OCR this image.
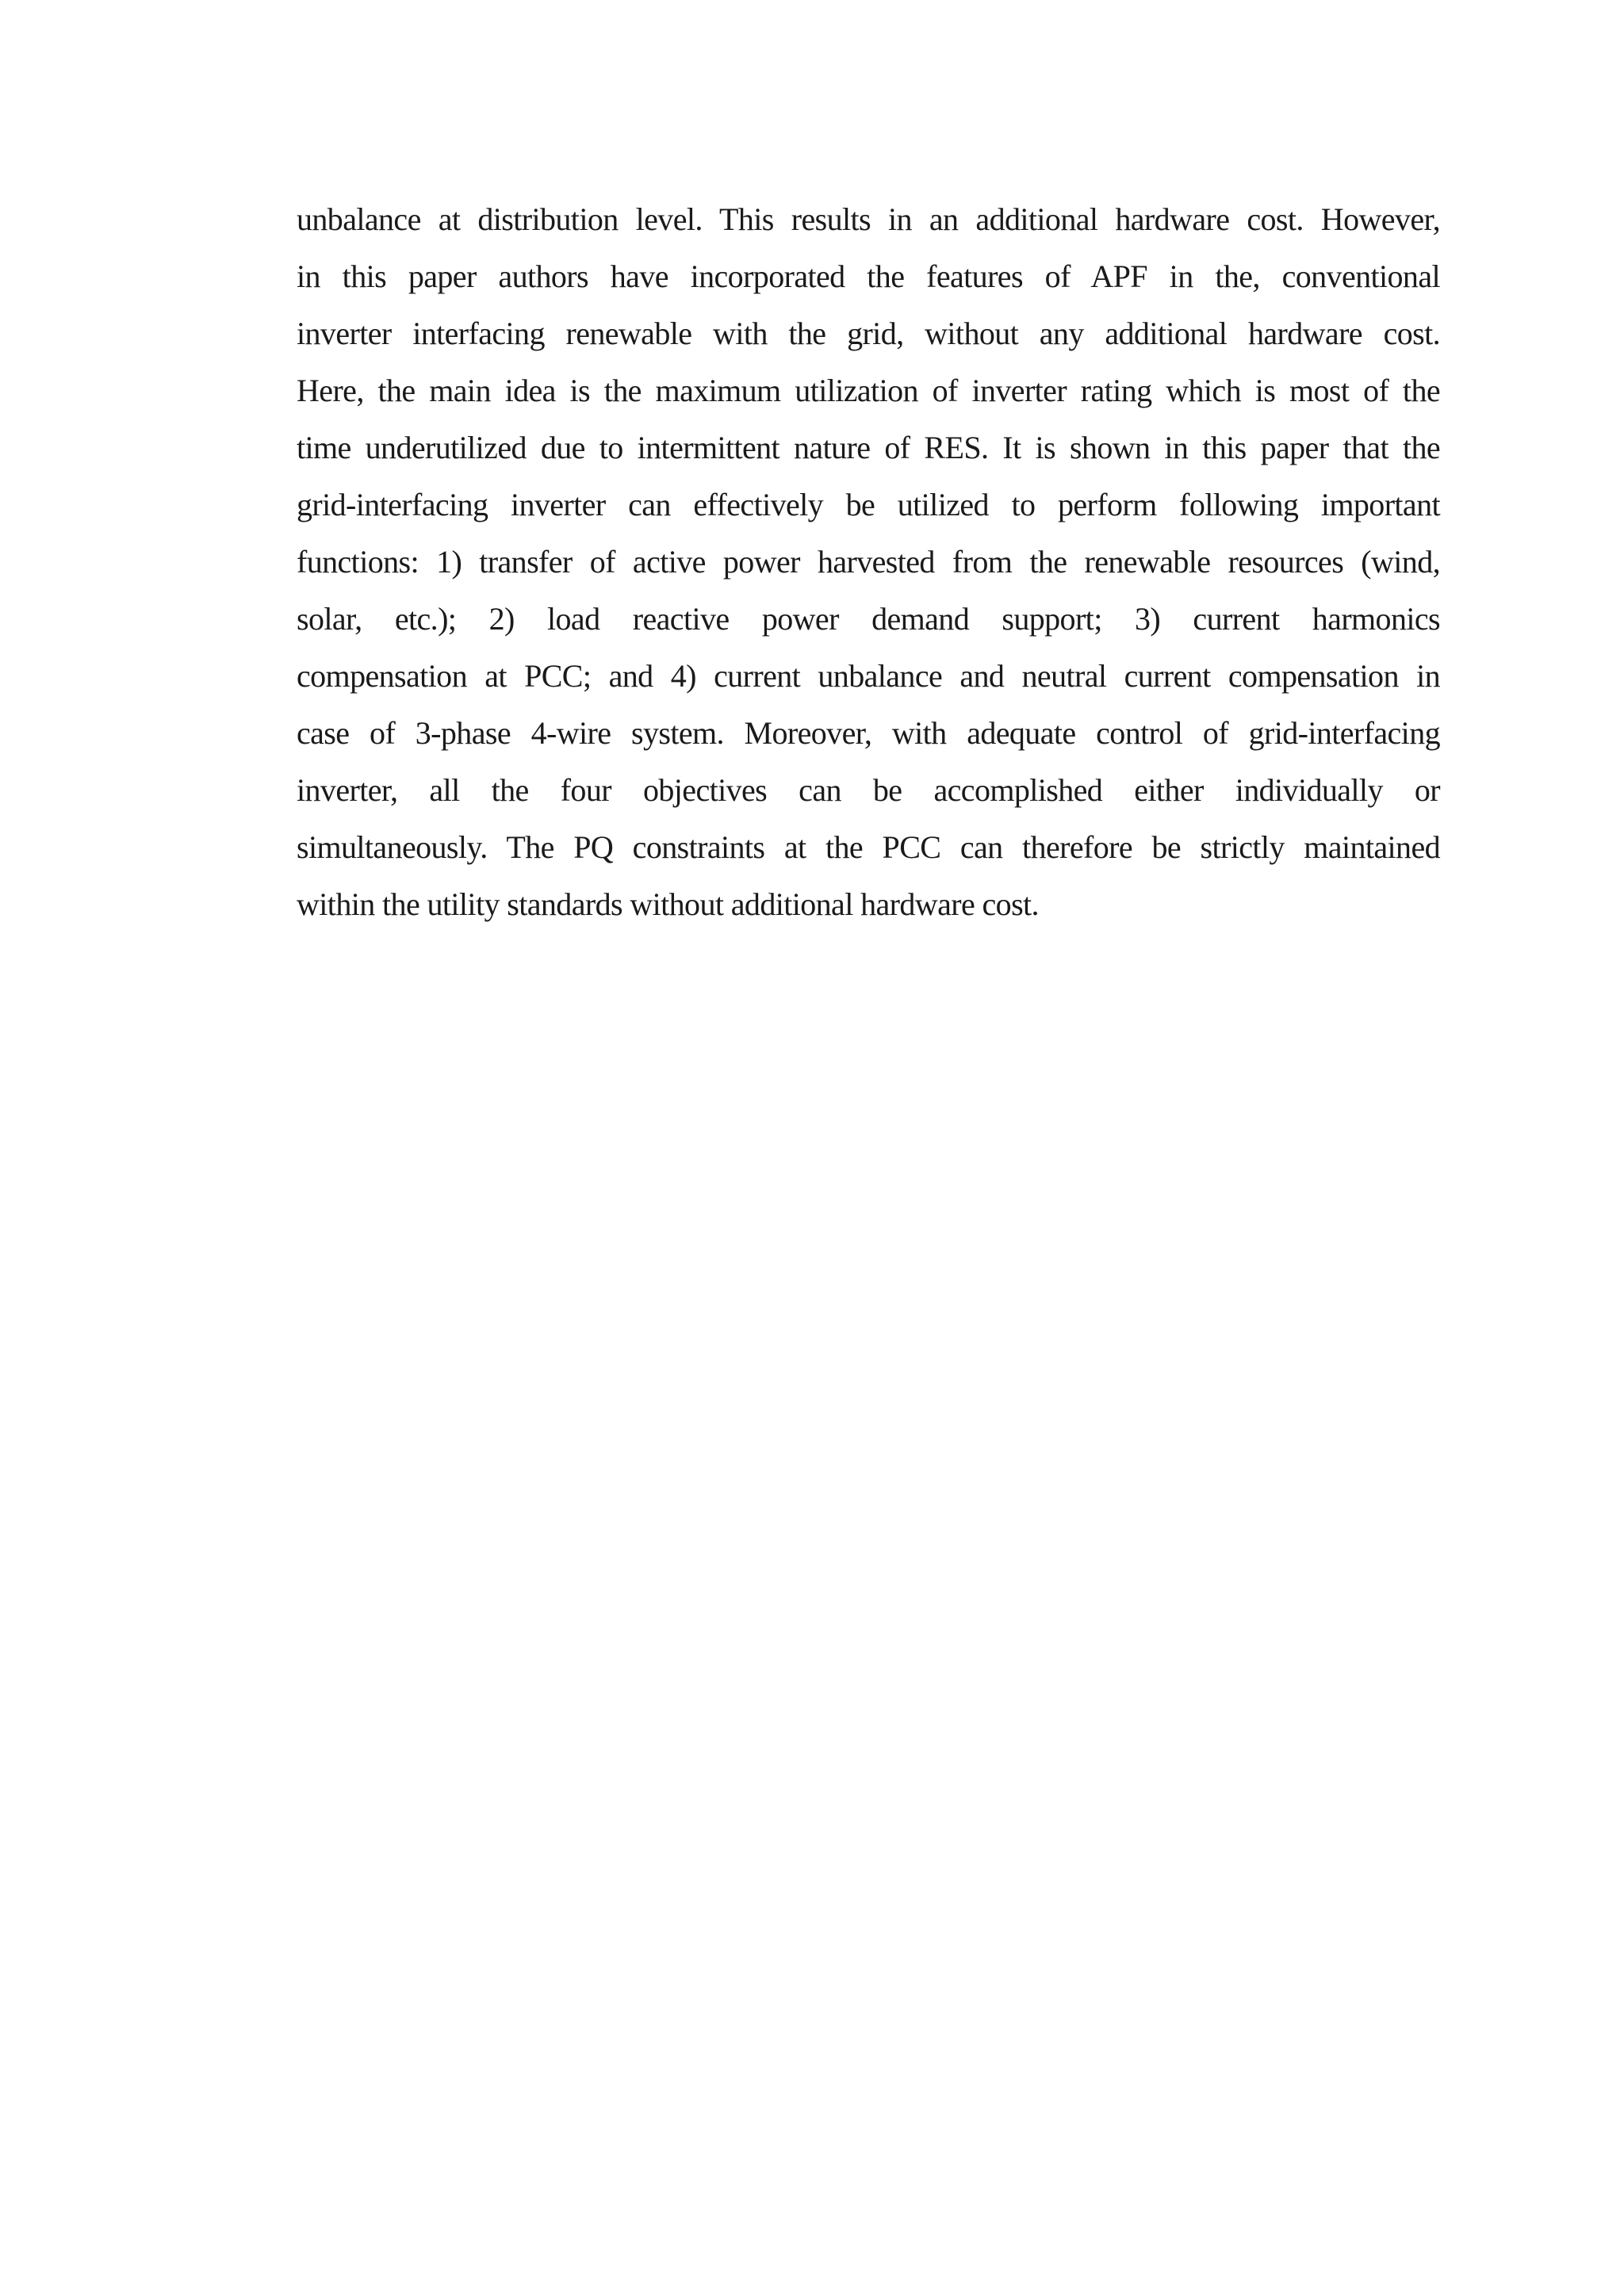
unbalance at distribution level. This results in an additional hardware cost. However,
in this paper authors have incorporated the features of APF in the, conventional
inverter interfacing renewable with the grid, without any additional hardware cost.
Here, the main idea is the maximum utilization of inverter rating which is most of the
time underutilized due to intermittent nature of RES. It is shown in this paper that the
grid-interfacing inverter can effectively be utilized to perform following important
functions: 1) transfer of active power harvested from the renewable resources (wind,
solar, etc.); 2) load reactive power demand support; 3) current harmonics
compensation at PCC; and 4) current unbalance and neutral current compensation in
case of 3-phase 4-wire system. Moreover, with adequate control of grid-interfacing
inverter, all the four objectives can be accomplished either individually or
simultaneously. The PQ constraints at the PCC can therefore be strictly maintained
within the utility standards without additional hardware cost.
